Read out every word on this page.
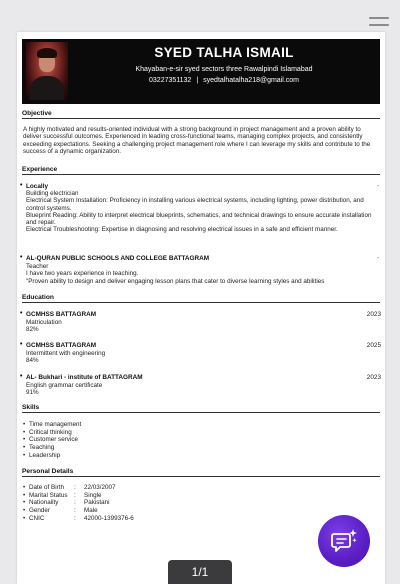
SYED TALHA ISMAIL
Khayaban-e-sir syed sectors three Rawalpindi Islamabad
03227351132 | syedtalhatalha218@gmail.com
Objective
A highly motivated and results-oriented individual with a strong background in project management and a proven ability to deliver successful outcomes. Experienced in leading cross-functional teams, managing complex projects, and consistently exceeding expectations. Seeking a challenging project management role where I can leverage my skills and contribute to the success of a dynamic organization.
Experience
• Locally	-
Building electrician
Electrical System Installation: Proficiency in installing various electrical systems, including lighting, power distribution, and control systems.
Blueprint Reading: Ability to interpret electrical blueprints, schematics, and technical drawings to ensure accurate installation and repair.
Electrical Troubleshooting: Expertise in diagnosing and resolving electrical issues in a safe and efficient manner.
• AL-QURAN PUBLIC SCHOOLS AND COLLEGE BATTAGRAM	-
Teacher
I have two years experience in teaching.
"Proven ability to design and deliver engaging lesson plans that cater to diverse learning styles and abilities
Education
• GCMHSS BATTAGRAM	2023
Matriculation
82%
• GCMHSS BATTAGRAM	2025
Intermittent with engineering
84%
• AL- Bukhari - institute of BATTAGRAM	2023
English grammar certificate
91%
Skills
• Time management
• Critical thinking
• Customer service
• Teaching
• Leadership
Personal Details
• Date of Birth	:	22/03/2007
• Marital Status	:	Single
• Nationality	:	Pakistani
• Gender	:	Male
• CNIC	:	42000-1399376-6
1/1
